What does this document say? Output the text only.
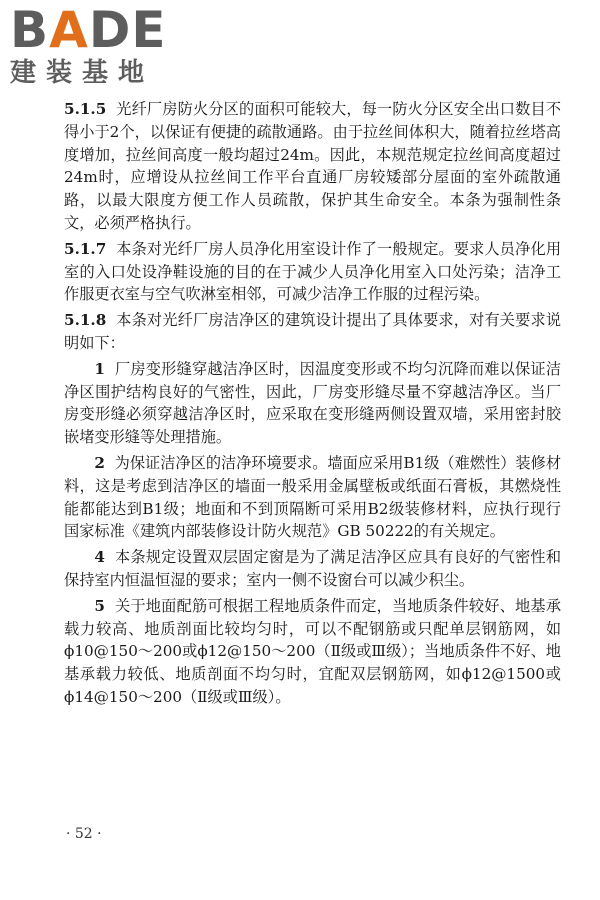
BADE
建装基地

5.1.5 光纤厂房防火分区的面积可能较大，每一防火分区安全出口数目不得小于2个，以保证有便捷的疏散通路。由于拉丝间体积大，随着拉丝塔高度增加，拉丝间高度一般均超过24m。因此，本规范规定拉丝间高度超过24m时，应增设从拉丝间工作平台直通厂房较矮部分屋面的室外疏散通路，以最大限度方便工作人员疏散，保护其生命安全。本条为强制性条文，必须严格执行。

5.1.7 本条对光纤厂房人员净化用室设计作了一般规定。要求人员净化用室的入口处设净鞋设施的目的在于减少人员净化用室入口处污染；洁净工作服更衣室与空气吹淋室相邻，可减少洁净工作服的过程污染。

5.1.8 本条对光纤厂房洁净区的建筑设计提出了具体要求，对有关要求说明如下：

1 厂房变形缝穿越洁净区时，因温度变形或不均匀沉降而难以保证洁净区围护结构良好的气密性，因此，厂房变形缝尽量不穿越洁净区。当厂房变形缝必须穿越洁净区时，应采取在变形缝两侧设置双墙，采用密封胶嵌堵变形缝等处理措施。

2 为保证洁净区的洁净环境要求。墙面应采用B1级（难燃性）装修材料，这是考虑到洁净区的墙面一般采用金属壁板或纸面石膏板，其燃烧性能都能达到B1级；地面和不到顶隔断可采用B2级装修材料，应执行现行国家标准《建筑内部装修设计防火规范》GB 50222的有关规定。

4 本条规定设置双层固定窗是为了满足洁净区应具有良好的气密性和保持室内恒温恒湿的要求；室内一侧不设窗台可以减少积尘。

5 关于地面配筋可根据工程地质条件而定，当地质条件较好、地基承载力较高、地质剖面比较均匀时，可以不配钢筋或只配单层钢筋网，如ϕ10@150～200或ϕ12@150～200（Ⅱ级或Ⅲ级）；当地质条件不好、地基承载力较低、地质剖面不均匀时，宜配双层钢筋网，如ϕ12@1500或ϕ14@150～200（Ⅱ级或Ⅲ级）。

· 52 ·
